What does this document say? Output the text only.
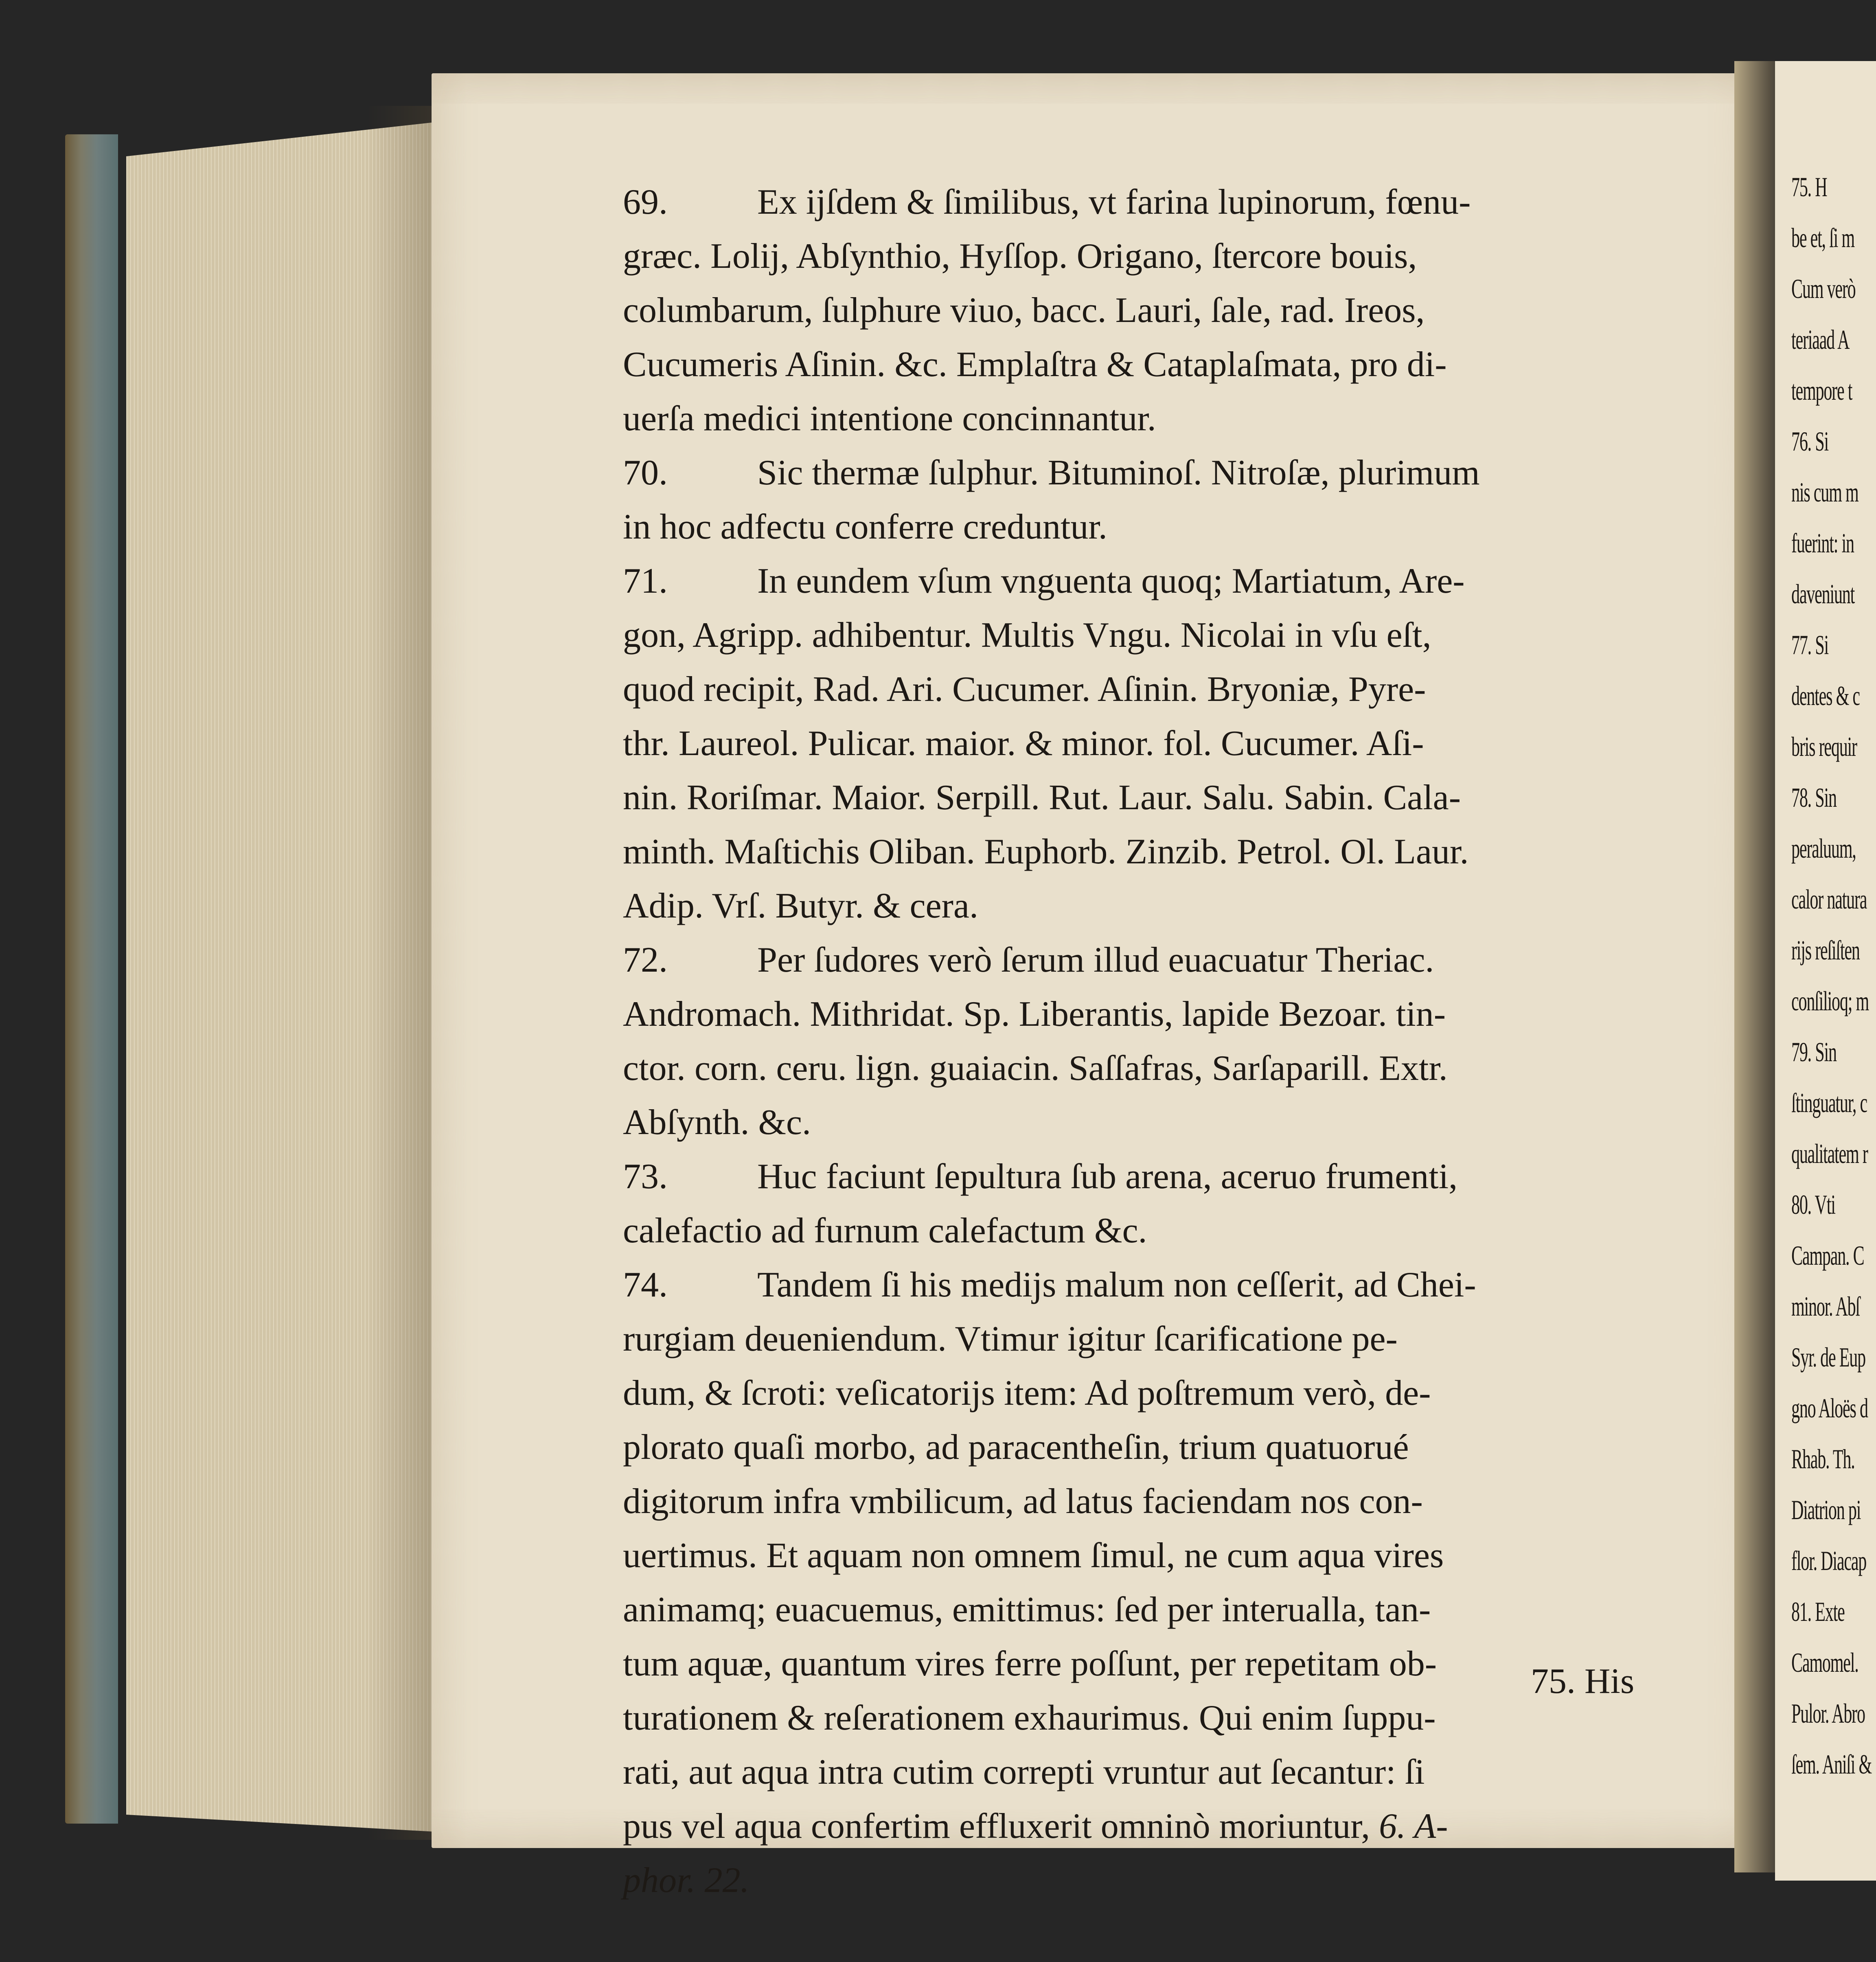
69.	Ex ijſdem & ſimilibus, vt farina lupinorum, fœnu-
græc. Lolij, Abſynthio, Hyſſop. Origano, ſtercore bouis,
columbarum, ſulphure viuo, bacc. Lauri, ſale, rad. Ireos,
Cucumeris Aſinin. &c. Emplaſtra & Cataplaſmata, pro di-
uerſa medici intentione concinnantur.
70.	Sic thermæ ſulphur. Bituminoſ. Nitroſæ, plurimum
in hoc adfectu conferre creduntur.
71.	In eundem vſum vnguenta quoq; Martiatum, Are-
gon, Agripp. adhibentur. Multis Vngu. Nicolai in vſu eſt,
quod recipit, Rad. Ari. Cucumer. Aſinin. Bryoniæ, Pyre-
thr. Laureol. Pulicar. maior. & minor. fol. Cucumer. Aſi-
nin. Roriſmar. Maior. Serpill. Rut. Laur. Salu. Sabin. Cala-
minth. Maſtichis Oliban. Euphorb. Zinzib. Petrol. Ol. Laur.
Adip. Vrſ. Butyr. & cera.
72.	Per ſudores verò ſerum illud euacuatur Theriac.
Andromach. Mithridat. Sp. Liberantis, lapide Bezoar. tin-
ctor. corn. ceru. lign. guaiacin. Saſſafras, Sarſaparill. Extr.
Abſynth. &c.
73.	Huc faciunt ſepultura ſub arena, aceruo frumenti,
calefactio ad furnum calefactum &c.
74.	Tandem ſi his medijs malum non ceſſerit, ad Chei-
rurgiam deueniendum. Vtimur igitur ſcarificatione pe-
dum, & ſcroti: veſicatorijs item: Ad poſtremum verò, de-
plorato quaſi morbo, ad paracentheſin, trium quatuorué
digitorum infra vmbilicum, ad latus faciendam nos con-
uertimus. Et aquam non omnem ſimul, ne cum aqua vires
animamq; euacuemus, emittimus: ſed per interualla, tan-
tum aquæ, quantum vires ferre poſſunt, per repetitam ob-
turationem & reſerationem exhaurimus. Qui enim ſuppu-
rati, aut aqua intra cutim correpti vruntur aut ſecantur: ſi
pus vel aqua confertim effluxerit omninò moriuntur, 6. A-
phor. 22.
75. His
75. H
be et, ſi m
Cum verò
teriaad A
tempore t
76. Si
nis cum m
fuerint: in
daveniunt
77. Si
dentes & c
bris requir
78. Sin
peraluum,
calor natura
rijs reſiſten
conſilioq; m
79. Sin
ſtinguatur, c
qualitatem r
80. Vti
Campan. C
minor. Abſ
Syr. de Eup
gno Aloës d
Rhab. Th.
Diatrion pi
flor. Diacap
81. Exte
Camomel.
Pulor. Abro
ſem. Aniſi &
